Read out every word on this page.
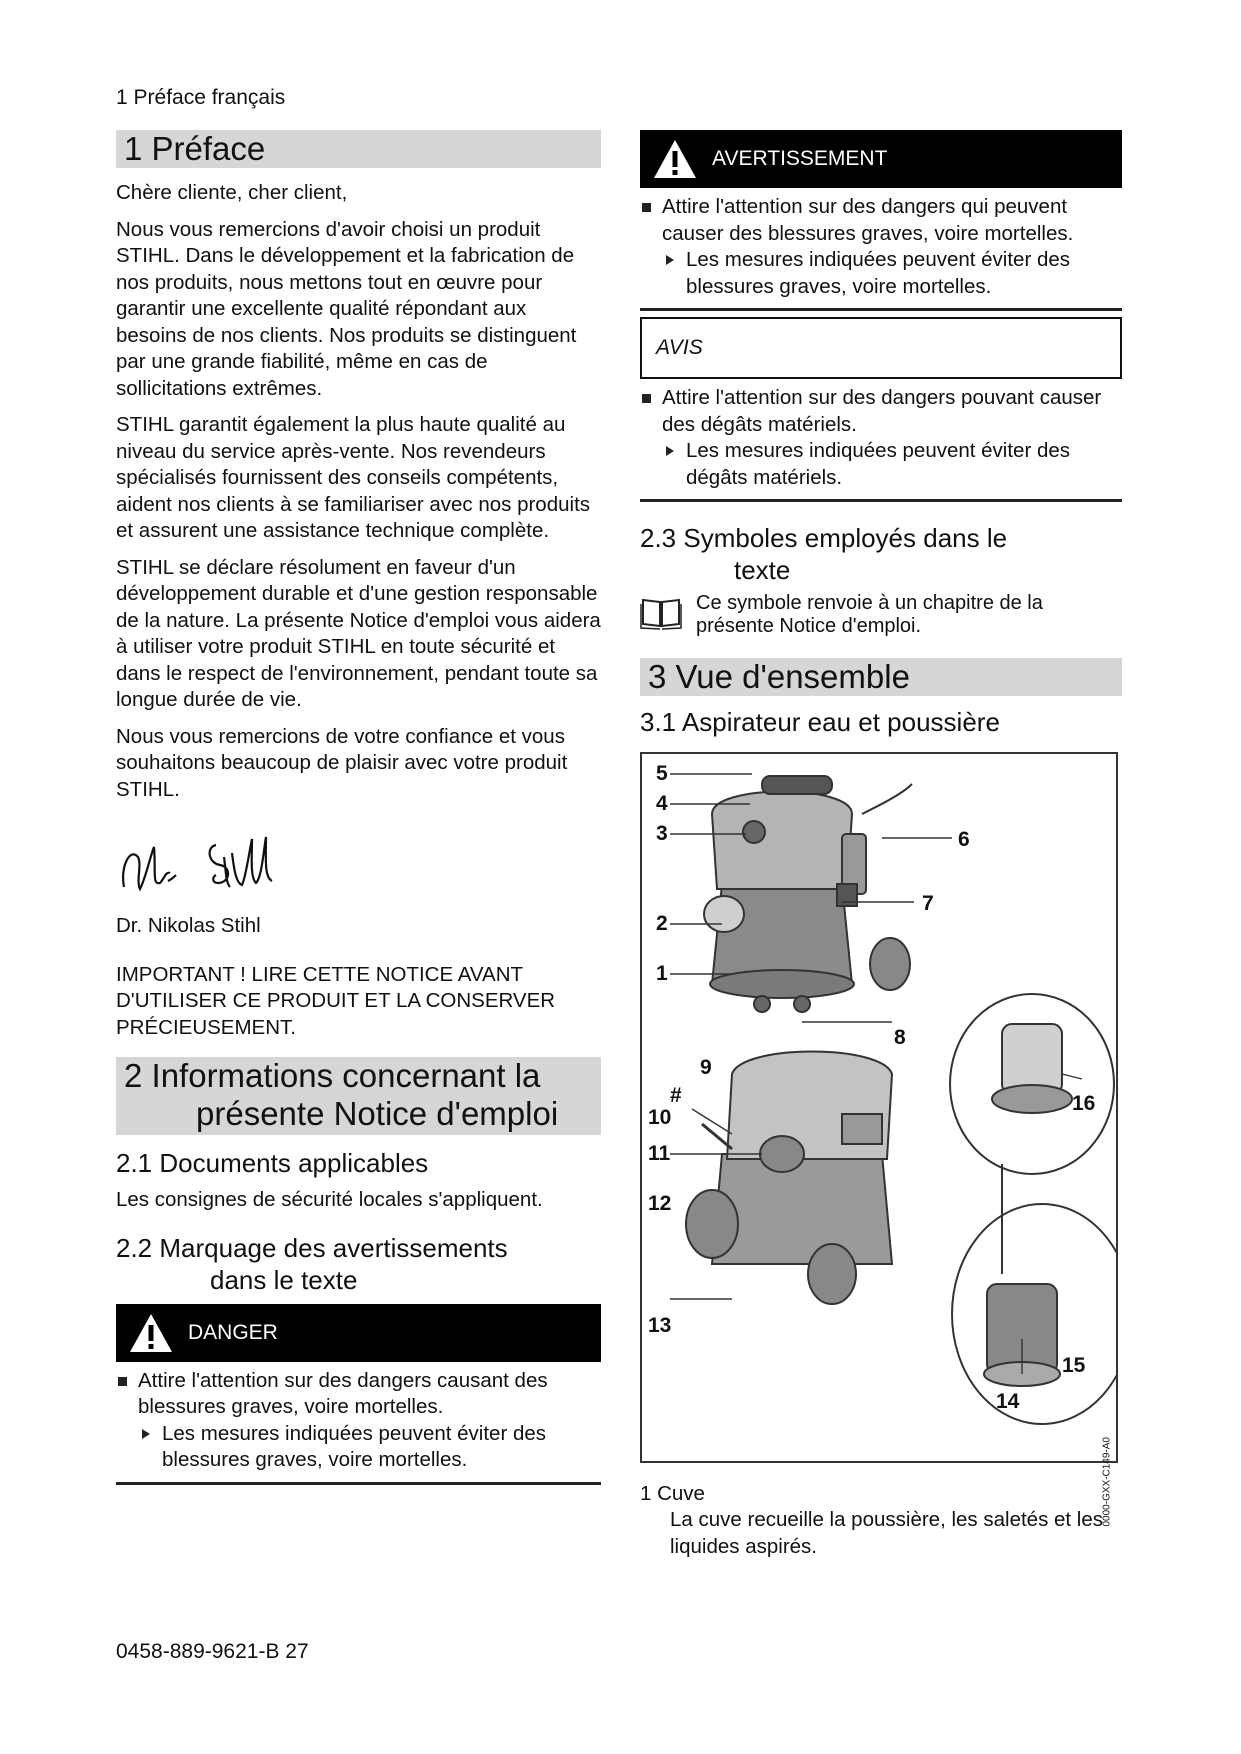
1 Préface français
1 Préface

Chère cliente, cher client,

Nous vous remercions d'avoir choisi un produit STIHL. Dans le développement et la fabrication de nos produits, nous mettons tout en œuvre pour garantir une excellente qualité répondant aux besoins de nos clients. Nos produits se distinguent par une grande fiabilité, même en cas de sollicitations extrêmes.

STIHL garantit également la plus haute qualité au niveau du service après-vente. Nos revendeurs spécialisés fournissent des conseils compétents, aident nos clients à se familiariser avec nos produits et assurent une assistance technique complète.

STIHL se déclare résolument en faveur d'un développement durable et d'une gestion responsable de la nature. La présente Notice d'emploi vous aidera à utiliser votre produit STIHL en toute sécurité et dans le respect de l'environnement, pendant toute sa longue durée de vie.

Nous vous remercions de votre confiance et vous souhaitons beaucoup de plaisir avec votre produit STIHL.

Dr. Nikolas Stihl

IMPORTANT ! LIRE CETTE NOTICE AVANT D'UTILISER CE PRODUIT ET LA CONSERVER PRÉCIEUSEMENT.
2 Informations concernant la
présente Notice d'emploi
2.1 Documents applicables

Les consignes de sécurité locales s'appliquent.

2.2 Marquage des avertissements
dans le texte
DANGER
Attire l'attention sur des dangers causant des blessures graves, voire mortelles.
Les mesures indiquées peuvent éviter des blessures graves, voire mortelles.
AVERTISSEMENT
Attire l'attention sur des dangers qui peuvent causer des blessures graves, voire mortelles.
Les mesures indiquées peuvent éviter des blessures graves, voire mortelles.
AVIS
Attire l'attention sur des dangers pouvant causer des dégâts matériels.
Les mesures indiquées peuvent éviter des dégâts matériels.
2.3 Symboles employés dans le
texte

Ce symbole renvoie à un chapitre de la présente Notice d'emploi.

3 Vue d'ensemble
3.1 Aspirateur eau et poussière
5
4
3	6
7
2
1
8
9
#
10
11
12
13
16
15
14
0000-GXX-C149-A0
1 Cuve
La cuve recueille la poussière, les saletés et les liquides aspirés.
0458-889-9621-B 27
